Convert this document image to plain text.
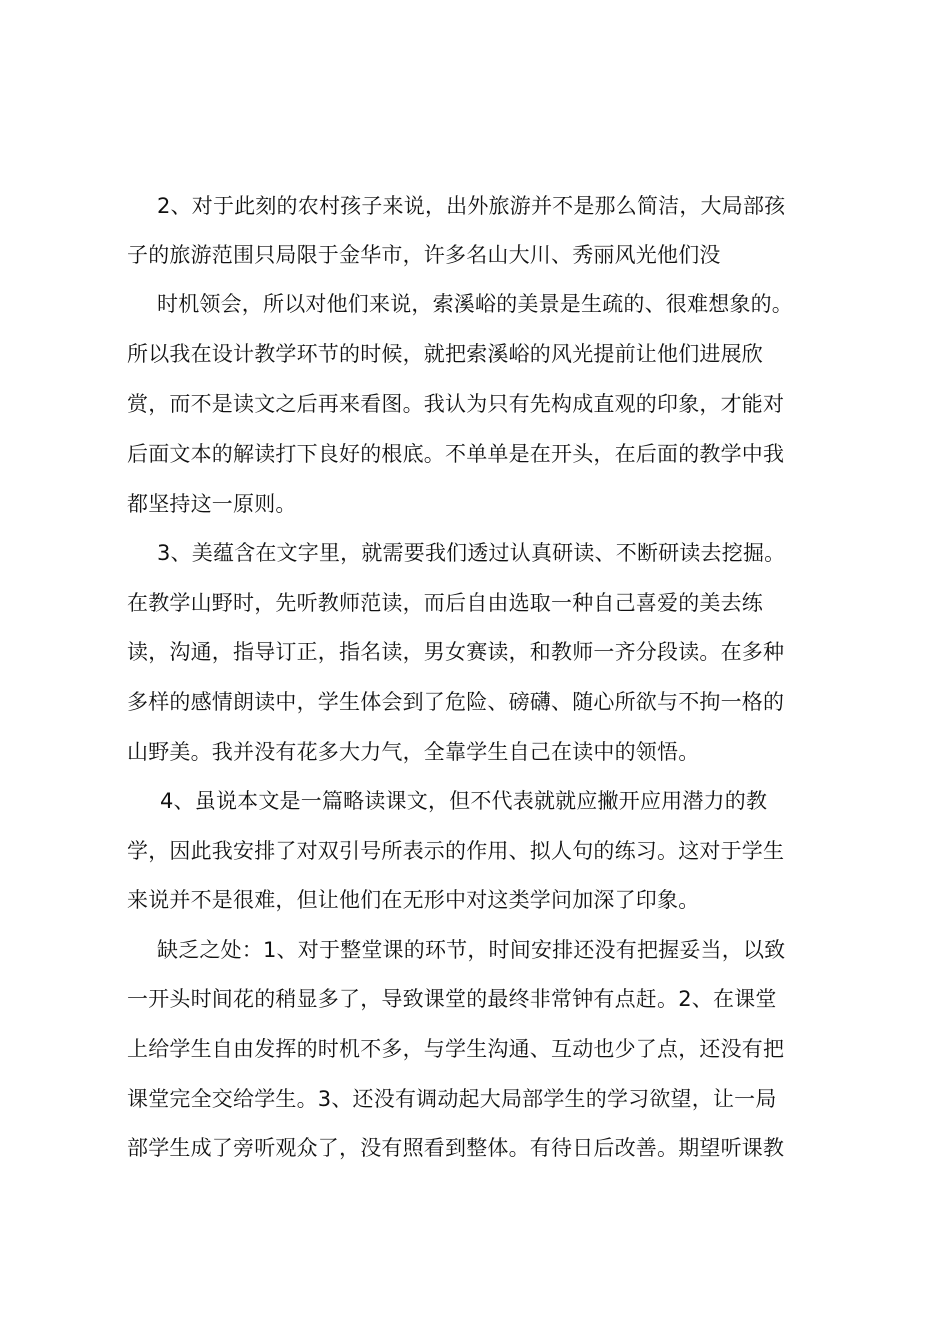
2、对于此刻的农村孩子来说，出外旅游并不是那么简洁，大局部孩
子的旅游范围只局限于金华市，许多名山大川、秀丽风光他们没
时机领会，所以对他们来说，索溪峪的美景是生疏的、很难想象的。
所以我在设计教学环节的时候，就把索溪峪的风光提前让他们进展欣
赏，而不是读文之后再来看图。我认为只有先构成直观的印象，才能对
后面文本的解读打下良好的根底。不单单是在开头，在后面的教学中我
都坚持这一原则。
3、美蕴含在文字里，就需要我们透过认真研读、不断研读去挖掘。
在教学山野时，先听教师范读，而后自由选取一种自己喜爱的美去练
读，沟通，指导订正，指名读，男女赛读，和教师一齐分段读。在多种
多样的感情朗读中，学生体会到了危险、磅礴、随心所欲与不拘一格的
山野美。我并没有花多大力气，全靠学生自己在读中的领悟。
4、虽说本文是一篇略读课文，但不代表就就应撇开应用潜力的教
学，因此我安排了对双引号所表示的作用、拟人句的练习。这对于学生
来说并不是很难，但让他们在无形中对这类学问加深了印象。
缺乏之处：1、对于整堂课的环节，时间安排还没有把握妥当，以致
一开头时间花的稍显多了，导致课堂的最终非常钟有点赶。2、在课堂
上给学生自由发挥的时机不多，与学生沟通、互动也少了点，还没有把
课堂完全交给学生。3、还没有调动起大局部学生的学习欲望，让一局
部学生成了旁听观众了，没有照看到整体。有待日后改善。期望听课教
